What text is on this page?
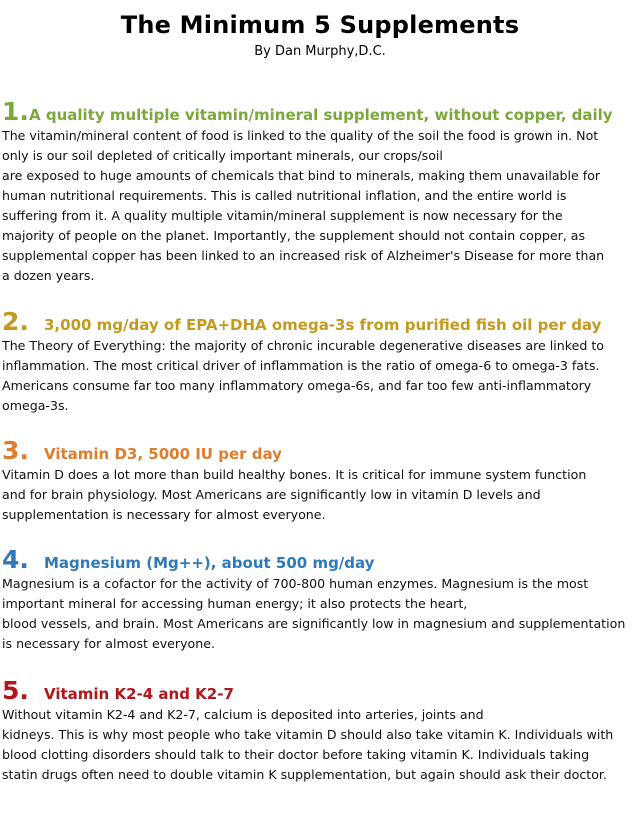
The Minimum 5 Supplements
By Dan Murphy,D.C.
1. A quality multiple vitamin/mineral supplement, without copper, daily
The vitamin/mineral content of food is linked to the quality of the soil the food is grown in. Not
only is our soil depleted of critically important minerals, our crops/soil
are exposed to huge amounts of chemicals that bind to minerals, making them unavailable for
human nutritional requirements. This is called nutritional inflation, and the entire world is
suffering from it. A quality multiple vitamin/mineral supplement is now necessary for the
majority of people on the planet. Importantly, the supplement should not contain copper, as
supplemental copper has been linked to an increased risk of Alzheimer's Disease for more than
a dozen years.
2.	3,000 mg/day of EPA+DHA omega-3s from purified fish oil per day
The Theory of Everything: the majority of chronic incurable degenerative diseases are linked to
inflammation. The most critical driver of inflammation is the ratio of omega-6 to omega-3 fats.
Americans consume far too many inflammatory omega-6s, and far too few anti-inflammatory
omega-3s.
3.	Vitamin D3, 5000 IU per day
Vitamin D does a lot more than build healthy bones. It is critical for immune system function
and for brain physiology. Most Americans are significantly low in vitamin D levels and
supplementation is necessary for almost everyone.
4.	Magnesium (Mg++), about 500 mg/day
Magnesium is a cofactor for the activity of 700-800 human enzymes. Magnesium is the most
important mineral for accessing human energy; it also protects the heart,
blood vessels, and brain. Most Americans are significantly low in magnesium and supplementation
is necessary for almost everyone.
5.	Vitamin K2-4 and K2-7
Without vitamin K2-4 and K2-7, calcium is deposited into arteries, joints and
kidneys. This is why most people who take vitamin D should also take vitamin K. Individuals with
blood clotting disorders should talk to their doctor before taking vitamin K. Individuals taking
statin drugs often need to double vitamin K supplementation, but again should ask their doctor.
